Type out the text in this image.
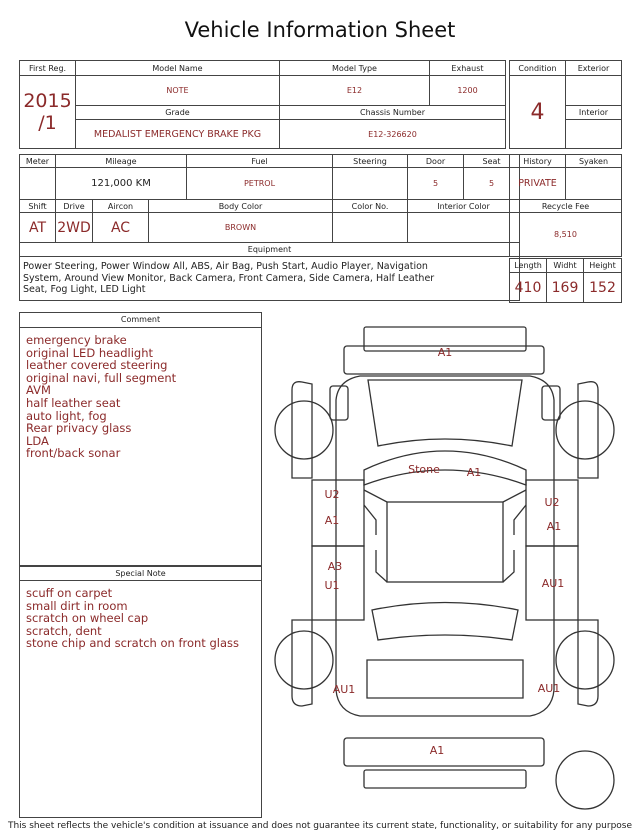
Vehicle Information Sheet
First Reg.	Model Name	Model Type	Exhaust
2015
/1	NOTE	E12	1200
	Grade	Chassis Number	
	MEDALIST EMERGENCY BRAKE PKG	E12-326620	
Condition	Exterior
4	
	Interior

Meter	Mileage			Fuel	Steering	Door	Seat
	121,000 KM			PETROL		5	5
Shift	Drive	Aircon	Body Color		Color No.	Interior Color	
AT	2WD	AC	BROWN				
Equipment							

Power Steering, Power Window All, ABS, Air Bag, Push Start, Audio Player, Navigation System, Around View Monitor, Back Camera, Front Camera, Side Camera, Half Leather Seat, Fog Light, LED Light
History	Syaken
PRIVATE	
Recycle Fee	
8,510	
Length	Widht	Height
410	169	152
Comment
emergency brake
original LED headlight
leather covered steering
original navi, full segment
AVM
half leather seat
auto light, fog
Rear privacy glass
LDA
front/back sonar
Special Note
scuff on carpet
small dirt in room
scratch on wheel cap
scratch, dent
stone chip and scratch on front glass
A1
Stone A1
U2
A1
U2
A1
A3
U1	AU1
AU1	AU1
A1
This sheet reflects the vehicle's condition at issuance and does not guarantee its current state, functionality, or suitability for any purpose
